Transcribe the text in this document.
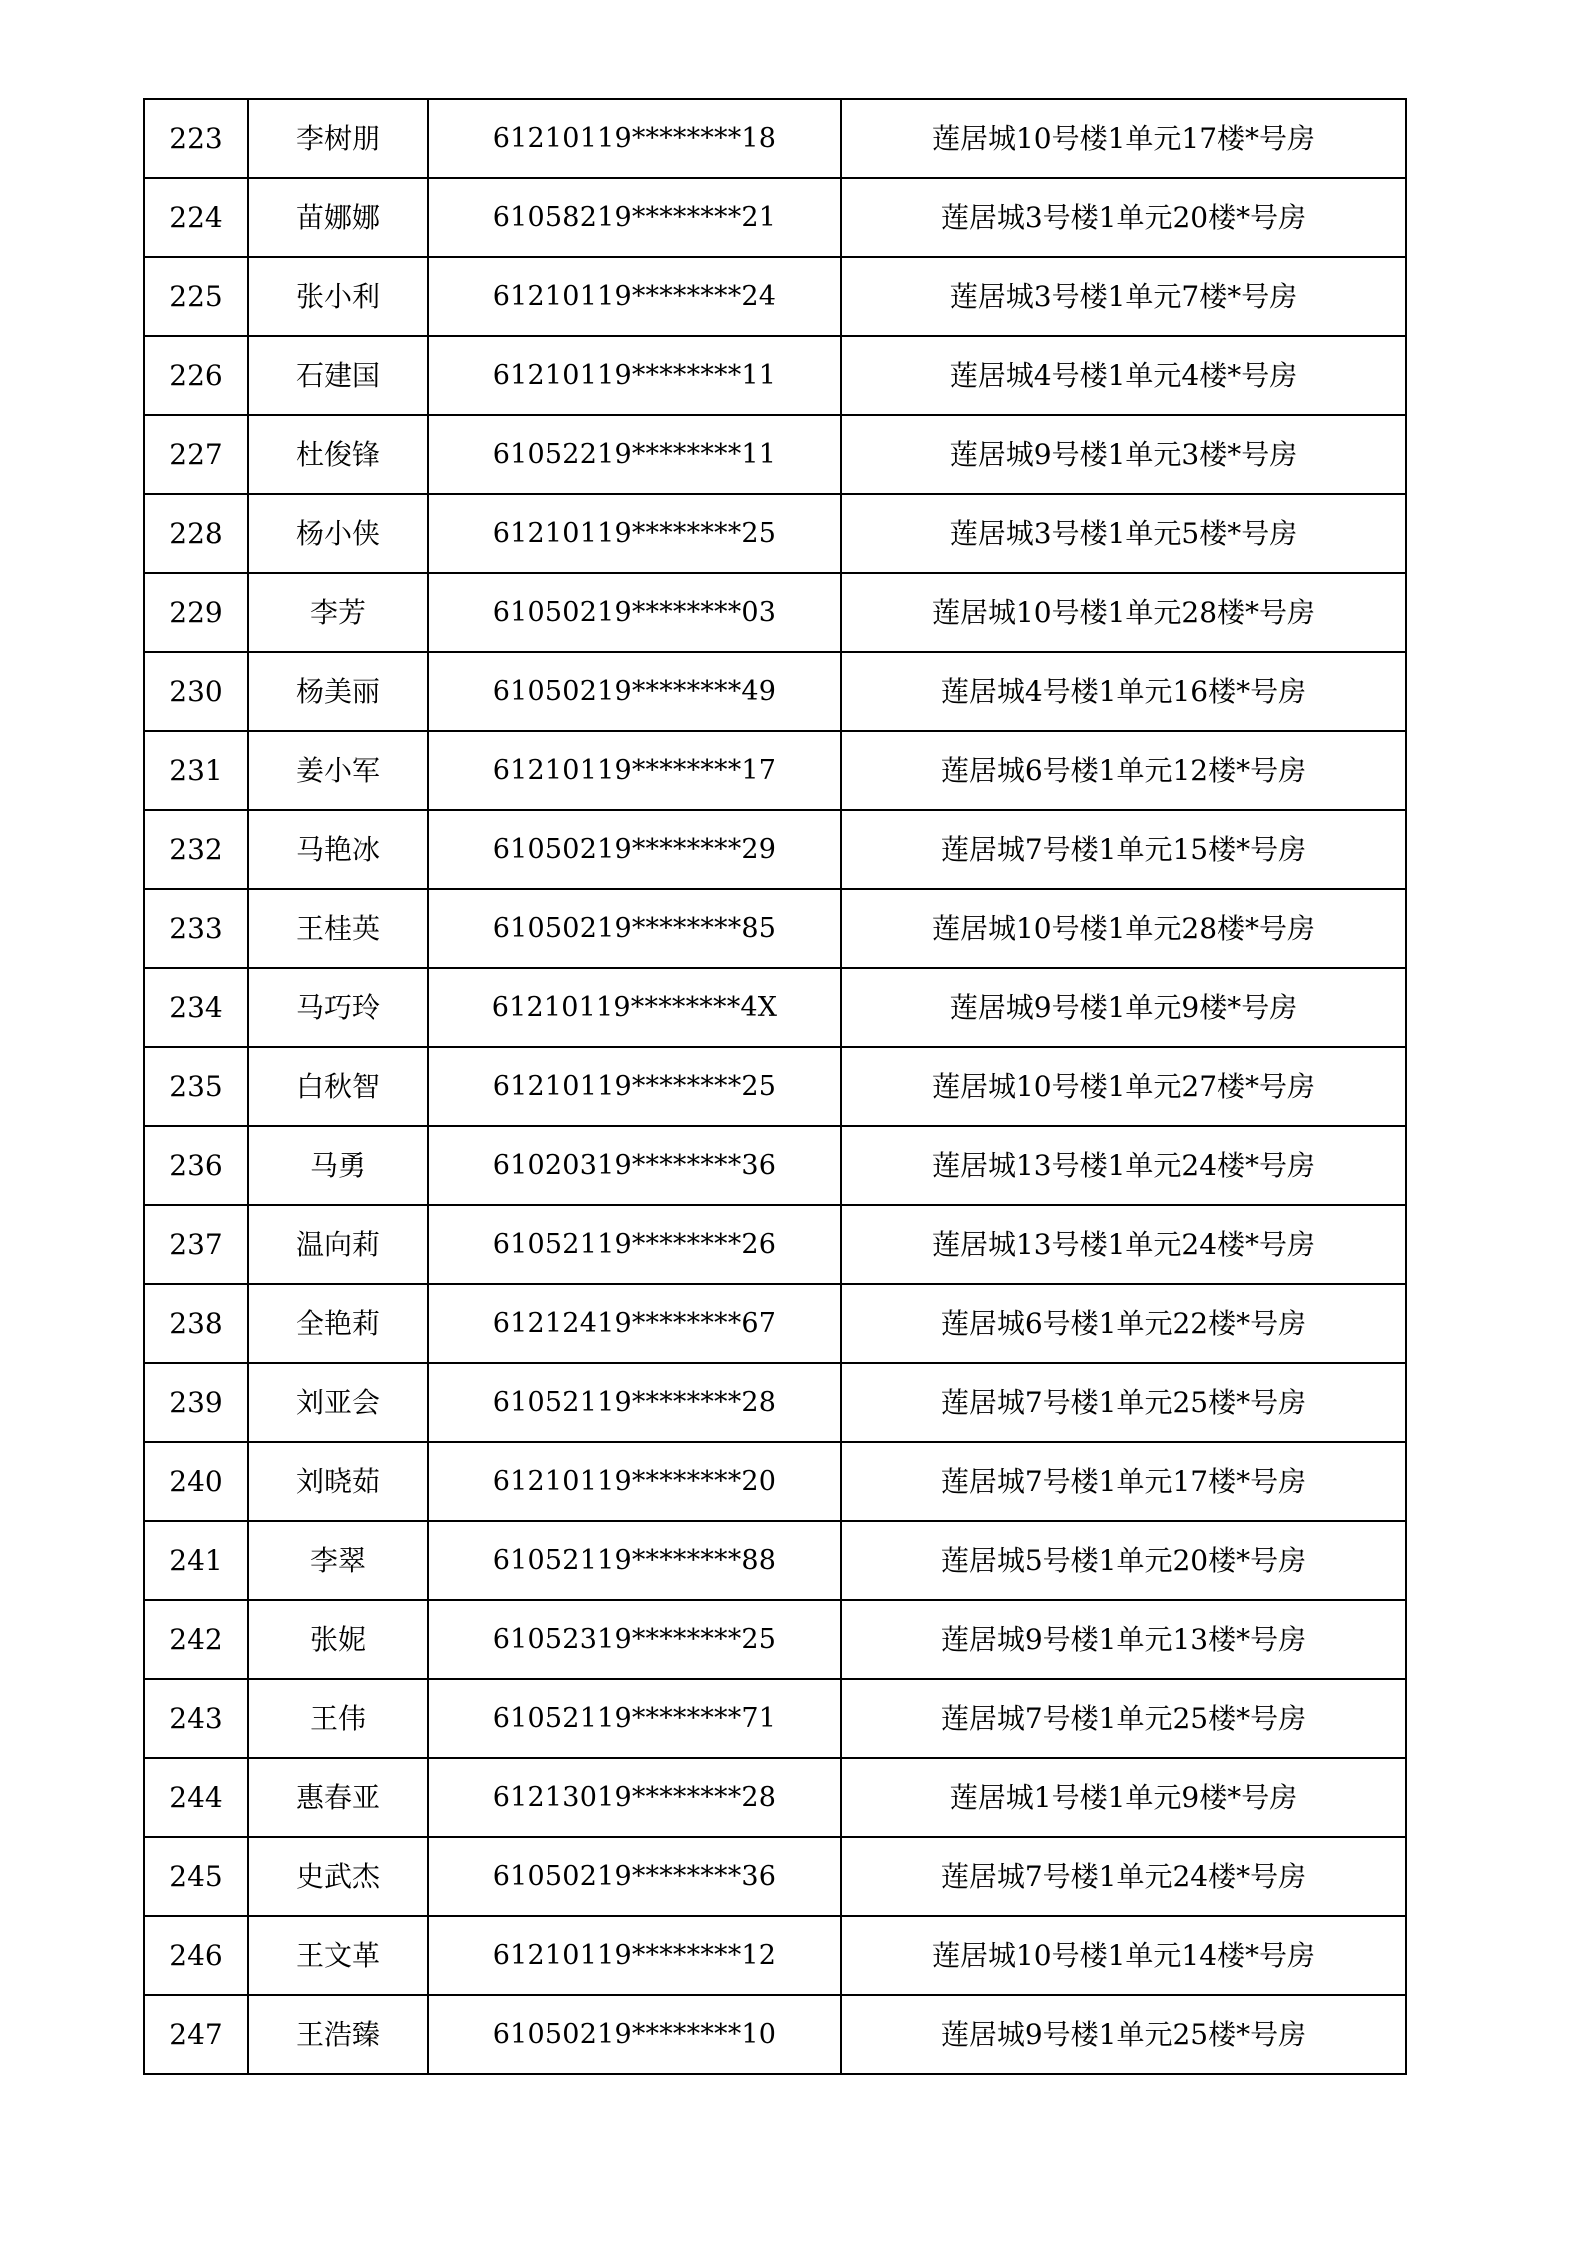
223	李树朋	61210119********18	莲居城10号楼1单元17楼*号房
224	苗娜娜	61058219********21	莲居城3号楼1单元20楼*号房
225	张小利	61210119********24	莲居城3号楼1单元7楼*号房
226	石建国	61210119********11	莲居城4号楼1单元4楼*号房
227	杜俊锋	61052219********11	莲居城9号楼1单元3楼*号房
228	杨小侠	61210119********25	莲居城3号楼1单元5楼*号房
229	李芳	61050219********03	莲居城10号楼1单元28楼*号房
230	杨美丽	61050219********49	莲居城4号楼1单元16楼*号房
231	姜小军	61210119********17	莲居城6号楼1单元12楼*号房
232	马艳冰	61050219********29	莲居城7号楼1单元15楼*号房
233	王桂英	61050219********85	莲居城10号楼1单元28楼*号房
234	马巧玲	61210119********4X	莲居城9号楼1单元9楼*号房
235	白秋智	61210119********25	莲居城10号楼1单元27楼*号房
236	马勇	61020319********36	莲居城13号楼1单元24楼*号房
237	温向莉	61052119********26	莲居城13号楼1单元24楼*号房
238	全艳莉	61212419********67	莲居城6号楼1单元22楼*号房
239	刘亚会	61052119********28	莲居城7号楼1单元25楼*号房
240	刘晓茹	61210119********20	莲居城7号楼1单元17楼*号房
241	李翠	61052119********88	莲居城5号楼1单元20楼*号房
242	张妮	61052319********25	莲居城9号楼1单元13楼*号房
243	王伟	61052119********71	莲居城7号楼1单元25楼*号房
244	惠春亚	61213019********28	莲居城1号楼1单元9楼*号房
245	史武杰	61050219********36	莲居城7号楼1单元24楼*号房
246	王文革	61210119********12	莲居城10号楼1单元14楼*号房
247	王浩臻	61050219********10	莲居城9号楼1单元25楼*号房
